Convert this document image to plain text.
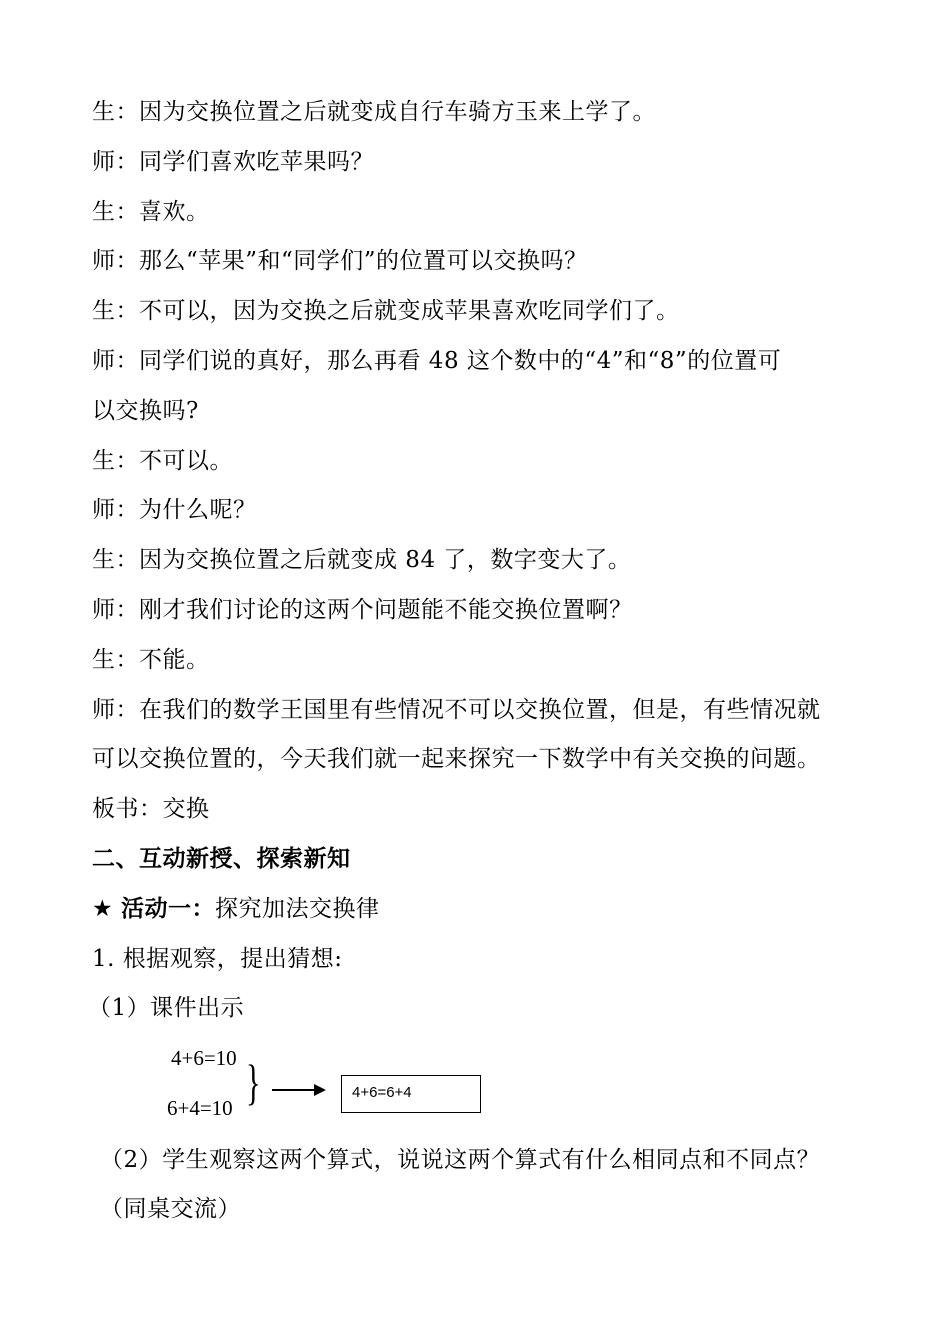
生：因为交换位置之后就变成自行车骑方玉来上学了。
师：同学们喜欢吃苹果吗？
生：喜欢。
师：那么“苹果”和“同学们”的位置可以交换吗？
生：不可以，因为交换之后就变成苹果喜欢吃同学们了。
师：同学们说的真好，那么再看 48 这个数中的“4”和“8”的位置可
以交换吗?
生：不可以。
师：为什么呢？
生：因为交换位置之后就变成 84 了，数字变大了。
师：刚才我们讨论的这两个问题能不能交换位置啊？
生：不能。
师：在我们的数学王国里有些情况不可以交换位置，但是，有些情况就
可以交换位置的，今天我们就一起来探究一下数学中有关交换的问题。
板书：交换
二、互动新授、探索新知
★ 活动一：探究加法交换律
1. 根据观察，提出猜想:
（1）课件出示
4+6=10
6+4=10 }	4+6=6+4
（2）学生观察这两个算式，说说这两个算式有什么相同点和不同点？
（同桌交流）
